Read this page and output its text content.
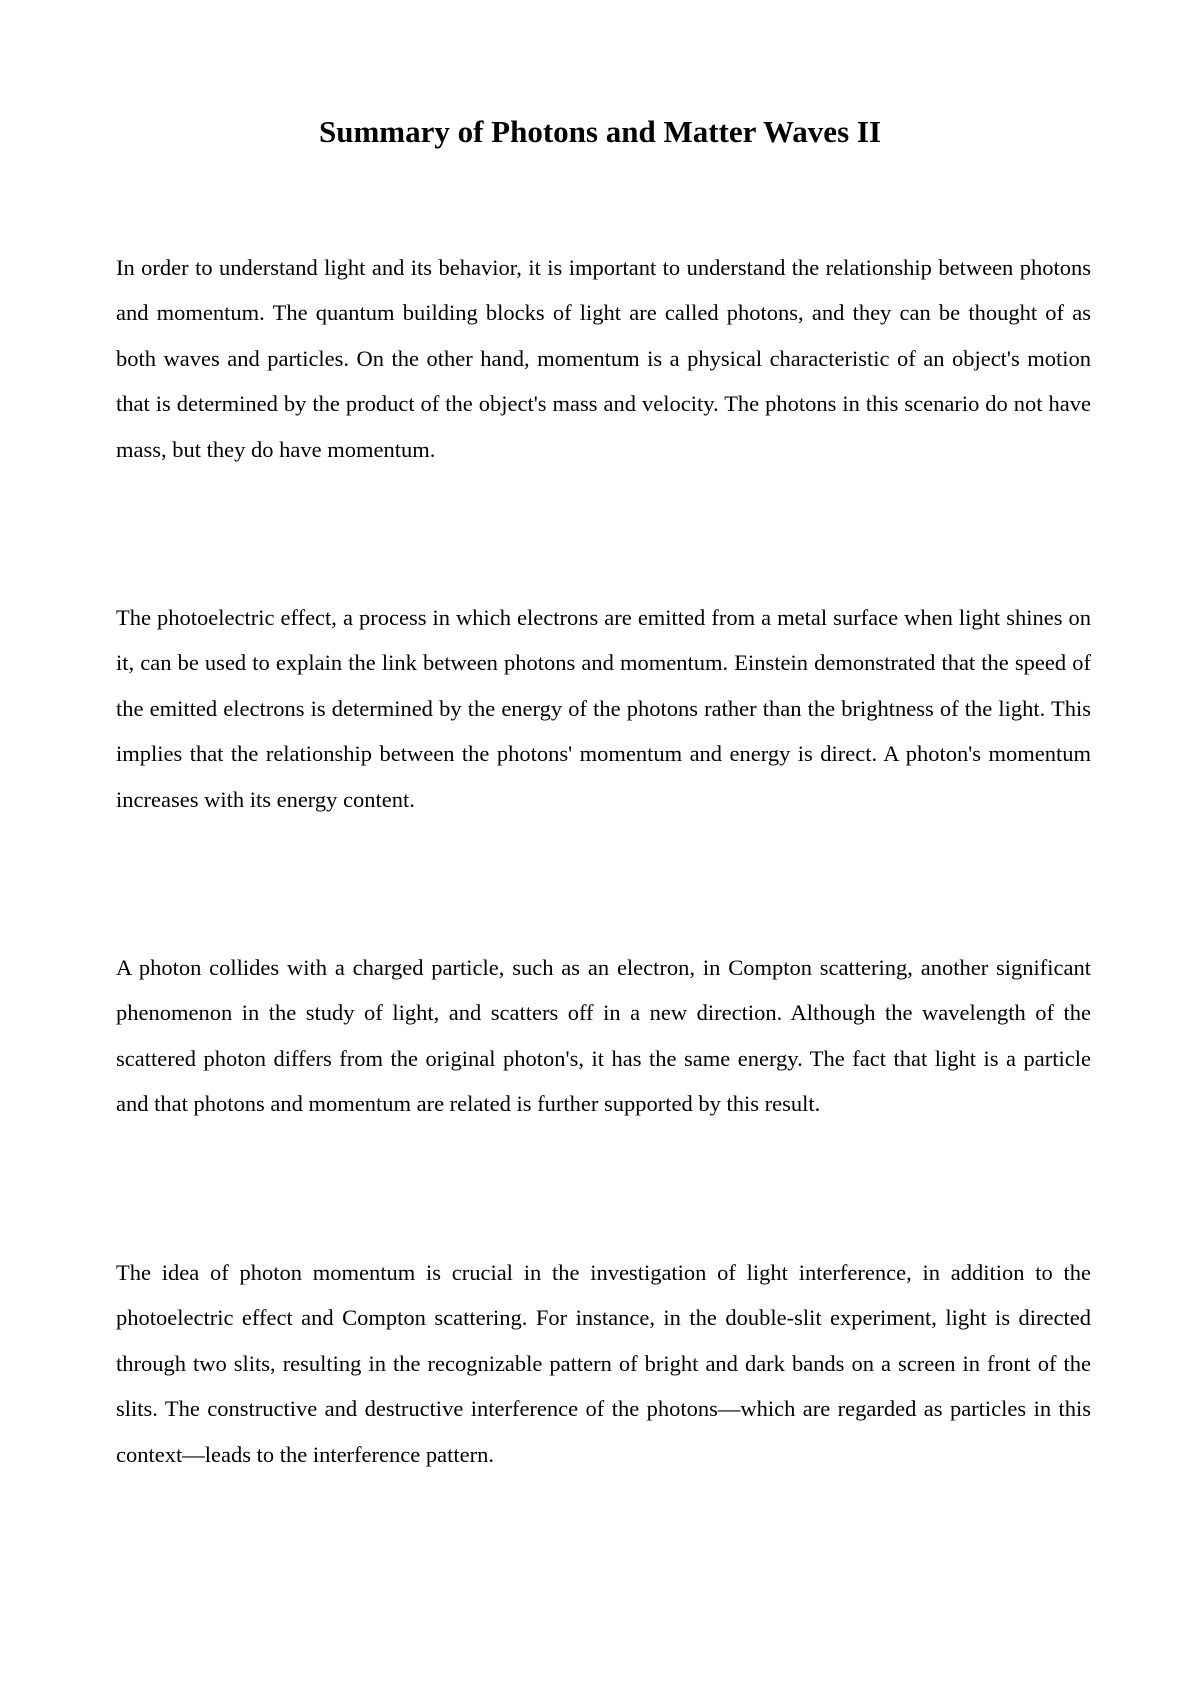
Summary of Photons and Matter Waves II

In order to understand light and its behavior, it is important to understand the relationship between photons and momentum. The quantum building blocks of light are called photons, and they can be thought of as both waves and particles. On the other hand, momentum is a physical characteristic of an object's motion that is determined by the product of the object's mass and velocity. The photons in this scenario do not have mass, but they do have momentum.

The photoelectric effect, a process in which electrons are emitted from a metal surface when light shines on it, can be used to explain the link between photons and momentum. Einstein demonstrated that the speed of the emitted electrons is determined by the energy of the photons rather than the brightness of the light. This implies that the relationship between the photons' momentum and energy is direct. A photon's momentum increases with its energy content.

A photon collides with a charged particle, such as an electron, in Compton scattering, another significant phenomenon in the study of light, and scatters off in a new direction. Although the wavelength of the scattered photon differs from the original photon's, it has the same energy. The fact that light is a particle and that photons and momentum are related is further supported by this result.

The idea of photon momentum is crucial in the investigation of light interference, in addition to the photoelectric effect and Compton scattering. For instance, in the double-slit experiment, light is directed through two slits, resulting in the recognizable pattern of bright and dark bands on a screen in front of the slits. The constructive and destructive interference of the photons—which are regarded as particles in this context—leads to the interference pattern.
